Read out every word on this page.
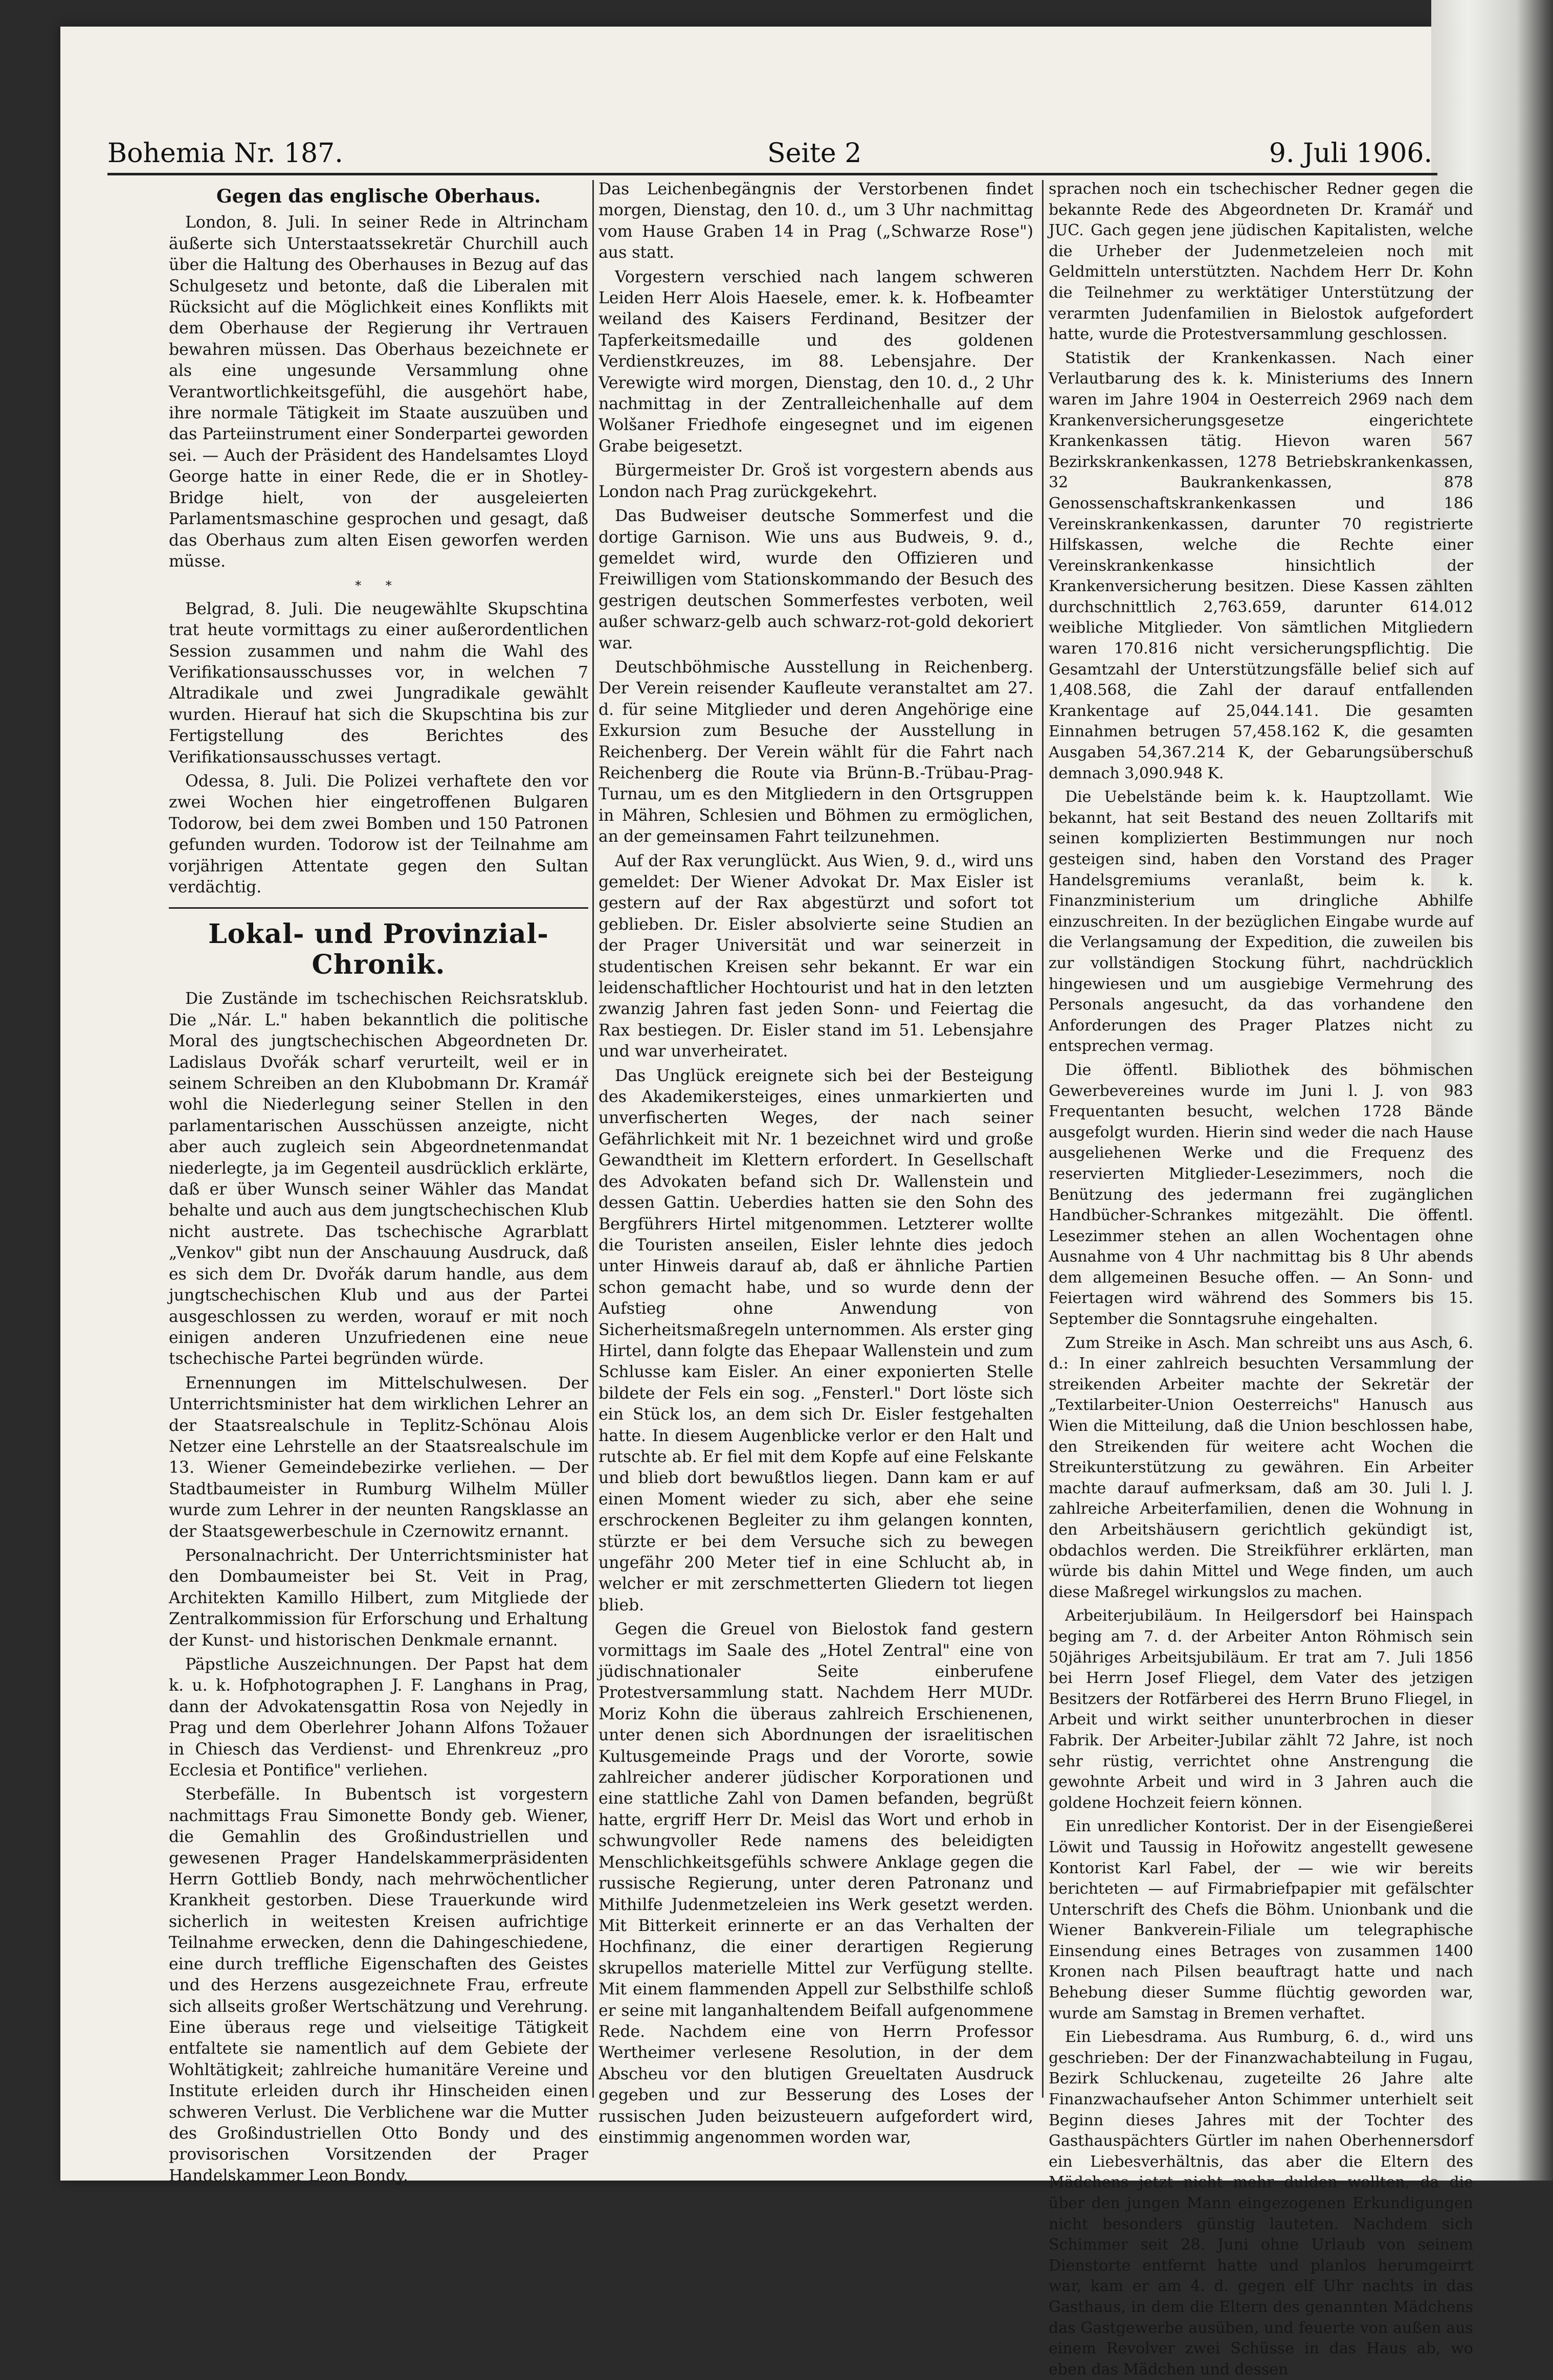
Bohemia Nr. 187.	Seite 2	9. Juli 1906.
Gegen das englische Oberhaus.

London, 8. Juli. In seiner Rede in Altrincham äußerte sich Unterstaatssekretär Churchill auch über die Haltung des Oberhauses in Bezug auf das Schulgesetz und betonte, daß die Liberalen mit Rücksicht auf die Möglichkeit eines Konflikts mit dem Oberhause der Regierung ihr Vertrauen bewahren müssen. Das Oberhaus bezeichnete er als eine ungesunde Versammlung ohne Verantwortlichkeitsgefühl, die ausgehört habe, ihre normale Tätigkeit im Staate auszuüben und das Parteiinstrument einer Sonderpartei geworden sei. — Auch der Präsident des Handelsamtes Lloyd George hatte in einer Rede, die er in Shotley-Bridge hielt, von der ausgeleierten Parlamentsmaschine gesprochen und gesagt, daß das Oberhaus zum alten Eisen geworfen werden müsse.

* *

Belgrad, 8. Juli. Die neugewählte Skupschtina trat heute vormittags zu einer außerordentlichen Session zusammen und nahm die Wahl des Verifikationsausschusses vor, in welchen 7 Altradikale und zwei Jungradikale gewählt wurden. Hierauf hat sich die Skupschtina bis zur Fertigstellung des Berichtes des Verifikationsausschusses vertagt.

Odessa, 8. Juli. Die Polizei verhaftete den vor zwei Wochen hier eingetroffenen Bulgaren Todorow, bei dem zwei Bomben und 150 Patronen gefunden wurden. Todorow ist der Teilnahme am vorjährigen Attentate gegen den Sultan verdächtig.

Lokal- und Provinzial-Chronik.

Die Zustände im tschechischen Reichsratsklub. Die „Nár. L." haben bekanntlich die politische Moral des jungtschechischen Abgeordneten Dr. Ladislaus Dvořák scharf verurteilt, weil er in seinem Schreiben an den Klubobmann Dr. Kramář wohl die Niederlegung seiner Stellen in den parlamentarischen Ausschüssen anzeigte, nicht aber auch zugleich sein Abgeordnetenmandat niederlegte, ja im Gegenteil ausdrücklich erklärte, daß er über Wunsch seiner Wähler das Mandat behalte und auch aus dem jungtschechischen Klub nicht austrete. Das tschechische Agrarblatt „Venkov" gibt nun der Anschauung Ausdruck, daß es sich dem Dr. Dvořák darum handle, aus dem jungtschechischen Klub und aus der Partei ausgeschlossen zu werden, worauf er mit noch einigen anderen Unzufriedenen eine neue tschechische Partei begründen würde.

Ernennungen im Mittelschulwesen. Der Unterrichtsminister hat dem wirklichen Lehrer an der Staatsrealschule in Teplitz-Schönau Alois Netzer eine Lehrstelle an der Staatsrealschule im 13. Wiener Gemeindebezirke verliehen. — Der Stadtbaumeister in Rumburg Wilhelm Müller wurde zum Lehrer in der neunten Rangsklasse an der Staatsgewerbeschule in Czernowitz ernannt.

Personalnachricht. Der Unterrichtsminister hat den Dombaumeister bei St. Veit in Prag, Architekten Kamillo Hilbert, zum Mitgliede der Zentralkommission für Erforschung und Erhaltung der Kunst- und historischen Denkmale ernannt.

Päpstliche Auszeichnungen. Der Papst hat dem k. u. k. Hofphotographen J. F. Langhans in Prag, dann der Advokatensgattin Rosa von Nejedly in Prag und dem Oberlehrer Johann Alfons Tožauer in Chiesch das Verdienst- und Ehrenkreuz „pro Ecclesia et Pontifice" verliehen.

Sterbefälle. In Bubentsch ist vorgestern nachmittags Frau Simonette Bondy geb. Wiener, die Gemahlin des Großindustriellen und gewesenen Prager Handelskammerpräsidenten Herrn Gottlieb Bondy, nach mehrwöchentlicher Krankheit gestorben. Diese Trauerkunde wird sicherlich in weitesten Kreisen aufrichtige Teilnahme erwecken, denn die Dahingeschiedene, eine durch treffliche Eigenschaften des Geistes und des Herzens ausgezeichnete Frau, erfreute sich allseits großer Wertschätzung und Verehrung. Eine überaus rege und vielseitige Tätigkeit entfaltete sie namentlich auf dem Gebiete der Wohltätigkeit; zahlreiche humanitäre Vereine und Institute erleiden durch ihr Hinscheiden einen schweren Verlust. Die Verblichene war die Mutter des Großindustriellen Otto Bondy und des provisorischen Vorsitzenden der Prager Handelskammer Leon Bondy.

Das Leichenbegängnis der Verstorbenen findet morgen, Dienstag, den 10. d., um 3 Uhr nachmittag vom Hause Graben 14 in Prag („Schwarze Rose") aus statt.

Vorgestern verschied nach langem schweren Leiden Herr Alois Haesele, emer. k. k. Hofbeamter weiland des Kaisers Ferdinand, Besitzer der Tapferkeitsmedaille und des goldenen Verdienstkreuzes, im 88. Lebensjahre. Der Verewigte wird morgen, Dienstag, den 10. d., 2 Uhr nachmittag in der Zentralleichenhalle auf dem Wolšaner Friedhofe eingesegnet und im eigenen Grabe beigesetzt.

Bürgermeister Dr. Groš ist vorgestern abends aus London nach Prag zurückgekehrt.

Das Budweiser deutsche Sommerfest und die dortige Garnison. Wie uns aus Budweis, 9. d., gemeldet wird, wurde den Offizieren und Freiwilligen vom Stationskommando der Besuch des gestrigen deutschen Sommerfestes verboten, weil außer schwarz-gelb auch schwarz-rot-gold dekoriert war.

Deutschböhmische Ausstellung in Reichenberg. Der Verein reisender Kaufleute veranstaltet am 27. d. für seine Mitglieder und deren Angehörige eine Exkursion zum Besuche der Ausstellung in Reichenberg. Der Verein wählt für die Fahrt nach Reichenberg die Route via Brünn-B.-Trübau-Prag-Turnau, um es den Mitgliedern in den Ortsgruppen in Mähren, Schlesien und Böhmen zu ermöglichen, an der gemeinsamen Fahrt teilzunehmen.

Auf der Rax verunglückt. Aus Wien, 9. d., wird uns gemeldet: Der Wiener Advokat Dr. Max Eisler ist gestern auf der Rax abgestürzt und sofort tot geblieben. Dr. Eisler absolvierte seine Studien an der Prager Universität und war seinerzeit in studentischen Kreisen sehr bekannt. Er war ein leidenschaftlicher Hochtourist und hat in den letzten zwanzig Jahren fast jeden Sonn- und Feiertag die Rax bestiegen. Dr. Eisler stand im 51. Lebensjahre und war unverheiratet.

Das Unglück ereignete sich bei der Besteigung des Akademikersteiges, eines unmarkierten und unverfischerten Weges, der nach seiner Gefährlichkeit mit Nr. 1 bezeichnet wird und große Gewandtheit im Klettern erfordert. In Gesellschaft des Advokaten befand sich Dr. Wallenstein und dessen Gattin. Ueberdies hatten sie den Sohn des Bergführers Hirtel mitgenommen. Letzterer wollte die Touristen anseilen, Eisler lehnte dies jedoch unter Hinweis darauf ab, daß er ähnliche Partien schon gemacht habe, und so wurde denn der Aufstieg ohne Anwendung von Sicherheitsmaßregeln unternommen. Als erster ging Hirtel, dann folgte das Ehepaar Wallenstein und zum Schlusse kam Eisler. An einer exponierten Stelle bildete der Fels ein sog. „Fensterl." Dort löste sich ein Stück los, an dem sich Dr. Eisler festgehalten hatte. In diesem Augenblicke verlor er den Halt und rutschte ab. Er fiel mit dem Kopfe auf eine Felskante und blieb dort bewußtlos liegen. Dann kam er auf einen Moment wieder zu sich, aber ehe seine erschrockenen Begleiter zu ihm gelangen konnten, stürzte er bei dem Versuche sich zu bewegen ungefähr 200 Meter tief in eine Schlucht ab, in welcher er mit zerschmetterten Gliedern tot liegen blieb.

Gegen die Greuel von Bielostok fand gestern vormittags im Saale des „Hotel Zentral" eine von jüdischnationaler Seite einberufene Protestversammlung statt. Nachdem Herr MUDr. Moriz Kohn die überaus zahlreich Erschienenen, unter denen sich Abordnungen der israelitischen Kultusgemeinde Prags und der Vororte, sowie zahlreicher anderer jüdischer Korporationen und eine stattliche Zahl von Damen befanden, begrüßt hatte, ergriff Herr Dr. Meisl das Wort und erhob in schwungvoller Rede namens des beleidigten Menschlichkeitsgefühls schwere Anklage gegen die russische Regierung, unter deren Patronanz und Mithilfe Judenmetzeleien ins Werk gesetzt werden. Mit Bitterkeit erinnerte er an das Verhalten der Hochfinanz, die einer derartigen Regierung skrupellos materielle Mittel zur Verfügung stellte. Mit einem flammenden Appell zur Selbsthilfe schloß er seine mit langanhaltendem Beifall aufgenommene Rede. Nachdem eine von Herrn Professor Wertheimer verlesene Resolution, in der dem Abscheu vor den blutigen Greueltaten Ausdruck gegeben und zur Besserung des Loses der russischen Juden beizusteuern aufgefordert wird, einstimmig angenommen worden war,

sprachen noch ein tschechischer Redner gegen die bekannte Rede des Abgeordneten Dr. Kramář und JUC. Gach gegen jene jüdischen Kapitalisten, welche die Urheber der Judenmetzeleien noch mit Geldmitteln unterstützten. Nachdem Herr Dr. Kohn die Teilnehmer zu werktätiger Unterstützung der verarmten Judenfamilien in Bielostok aufgefordert hatte, wurde die Protestversammlung geschlossen.

Statistik der Krankenkassen. Nach einer Verlautbarung des k. k. Ministeriums des Innern waren im Jahre 1904 in Oesterreich 2969 nach dem Krankenversicherungsgesetze eingerichtete Krankenkassen tätig. Hievon waren 567 Bezirkskrankenkassen, 1278 Betriebskrankenkassen, 32 Baukrankenkassen, 878 Genossenschaftskrankenkassen und 186 Vereinskrankenkassen, darunter 70 registrierte Hilfskassen, welche die Rechte einer Vereinskrankenkasse hinsichtlich der Krankenversicherung besitzen. Diese Kassen zählten durchschnittlich 2,763.659, darunter 614.012 weibliche Mitglieder. Von sämtlichen Mitgliedern waren 170.816 nicht versicherungspflichtig. Die Gesamtzahl der Unterstützungsfälle belief sich auf 1,408.568, die Zahl der darauf entfallenden Krankentage auf 25,044.141. Die gesamten Einnahmen betrugen 57,458.162 K, die gesamten Ausgaben 54,367.214 K, der Gebarungsüberschuß demnach 3,090.948 K.

Die Uebelstände beim k. k. Hauptzollamt. Wie bekannt, hat seit Bestand des neuen Zolltarifs mit seinen komplizierten Bestimmungen nur noch gesteigen sind, haben den Vorstand des Prager Handelsgremiums veranlaßt, beim k. k. Finanzministerium um dringliche Abhilfe einzuschreiten. In der bezüglichen Eingabe wurde auf die Verlangsamung der Expedition, die zuweilen bis zur vollständigen Stockung führt, nachdrücklich hingewiesen und um ausgiebige Vermehrung des Personals angesucht, da das vorhandene den Anforderungen des Prager Platzes nicht zu entsprechen vermag.

Die öffentl. Bibliothek des böhmischen Gewerbevereines wurde im Juni l. J. von 983 Frequentanten besucht, welchen 1728 Bände ausgefolgt wurden. Hierin sind weder die nach Hause ausgeliehenen Werke und die Frequenz des reservierten Mitglieder-Lesezimmers, noch die Benützung des jedermann frei zugänglichen Handbücher-Schrankes mitgezählt. Die öffentl. Lesezimmer stehen an allen Wochentagen ohne Ausnahme von 4 Uhr nachmittag bis 8 Uhr abends dem allgemeinen Besuche offen. — An Sonn- und Feiertagen wird während des Sommers bis 15. September die Sonntagsruhe eingehalten.

Zum Streike in Asch. Man schreibt uns aus Asch, 6. d.: In einer zahlreich besuchten Versammlung der streikenden Arbeiter machte der Sekretär der „Textilarbeiter-Union Oesterreichs" Hanusch aus Wien die Mitteilung, daß die Union beschlossen habe, den Streikenden für weitere acht Wochen die Streikunterstützung zu gewähren. Ein Arbeiter machte darauf aufmerksam, daß am 30. Juli l. J. zahlreiche Arbeiterfamilien, denen die Wohnung in den Arbeitshäusern gerichtlich gekündigt ist, obdachlos werden. Die Streikführer erklärten, man würde bis dahin Mittel und Wege finden, um auch diese Maßregel wirkungslos zu machen.

Arbeiterjubiläum. In Heilgersdorf bei Hainspach beging am 7. d. der Arbeiter Anton Röhmisch sein 50jähriges Arbeitsjubiläum. Er trat am 7. Juli 1856 bei Herrn Josef Fliegel, dem Vater des jetzigen Besitzers der Rotfärberei des Herrn Bruno Fliegel, in Arbeit und wirkt seither ununterbrochen in dieser Fabrik. Der Arbeiter-Jubilar zählt 72 Jahre, ist noch sehr rüstig, verrichtet ohne Anstrengung die gewohnte Arbeit und wird in 3 Jahren auch die goldene Hochzeit feiern können.

Ein unredlicher Kontorist. Der in der Eisengießerei Löwit und Taussig in Hořowitz angestellt gewesene Kontorist Karl Fabel, der — wie wir bereits berichteten — auf Firmabriefpapier mit gefälschter Unterschrift des Chefs die Böhm. Unionbank und die Wiener Bankverein-Filiale um telegraphische Einsendung eines Betrages von zusammen 1400 Kronen nach Pilsen beauftragt hatte und nach Behebung dieser Summe flüchtig geworden war, wurde am Samstag in Bremen verhaftet.

Ein Liebesdrama. Aus Rumburg, 6. d., wird uns geschrieben: Der der Finanzwachabteilung in Fugau, Bezirk Schluckenau, zugeteilte 26 Jahre alte Finanzwachaufseher Anton Schimmer unterhielt seit Beginn dieses Jahres mit der Tochter des Gasthauspächters Gürtler im nahen Oberhennersdorf ein Liebesverhältnis, das aber die Eltern des Mädchens jetzt nicht mehr dulden wollten, da die über den jungen Mann eingezogenen Erkundigungen nicht besonders günstig lauteten. Nachdem sich Schimmer seit 28. Juni ohne Urlaub von seinem Dienstorte entfernt hatte und planlos herumgeirrt war, kam er am 4. d. gegen elf Uhr nachts in das Gasthaus, in dem die Eltern des genannten Mädchens das Gastgewerbe ausüben, und feuerte von außen aus einem Revolver zwei Schüsse in das Haus ab, wo eben das Mädchen und dessen
